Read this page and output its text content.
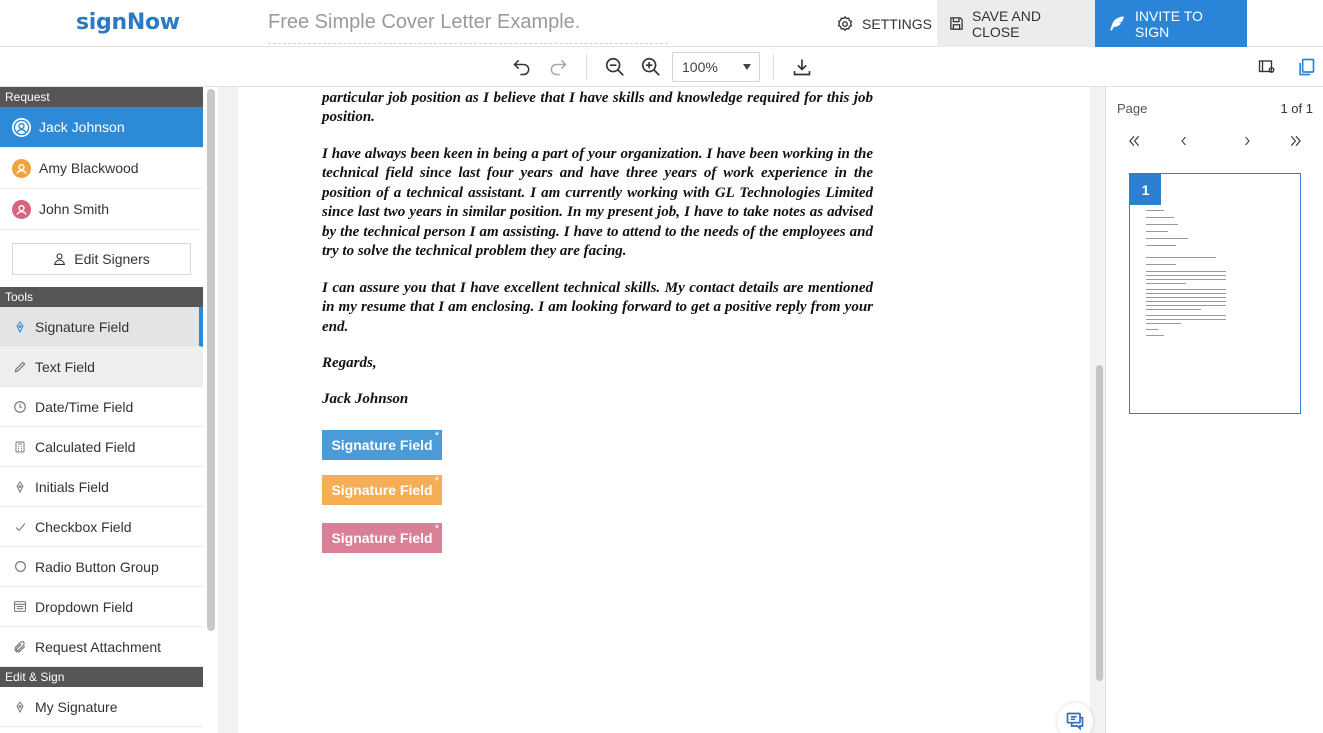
signNow	Free Simple Cover Letter Example.	SETTINGS	SAVE AND CLOSE
INVITE TO SIGN
100%
Request
Jack Johnson
Amy Blackwood
John Smith
Edit Signers
Tools
Signature Field
Text Field
Date/Time Field
Calculated Field
Initials Field
Checkbox Field
Radio Button Group
Dropdown Field
Request Attachment
Edit & Sign
My Signature
particular job position as I believe that I have skills and knowledge required for this job position.
I have always been keen in being a part of your organization. I have been working in the technical field since last four years and have three years of work experience in the position of a technical assistant. I am currently working with GL Technologies Limited since last two years in similar position. In my present job, I have to take notes as advised by the technical person I am assisting. I have to attend to the needs of the employees and try to solve the technical problem they are facing.
I can assure you that I have excellent technical skills. My contact details are mentioned in my resume that I am enclosing. I am looking forward to get a positive reply from your end.
Regards,
Jack Johnson
Signature Field
*
Signature Field
*
Signature Field
*
Page	1 of 1
1
